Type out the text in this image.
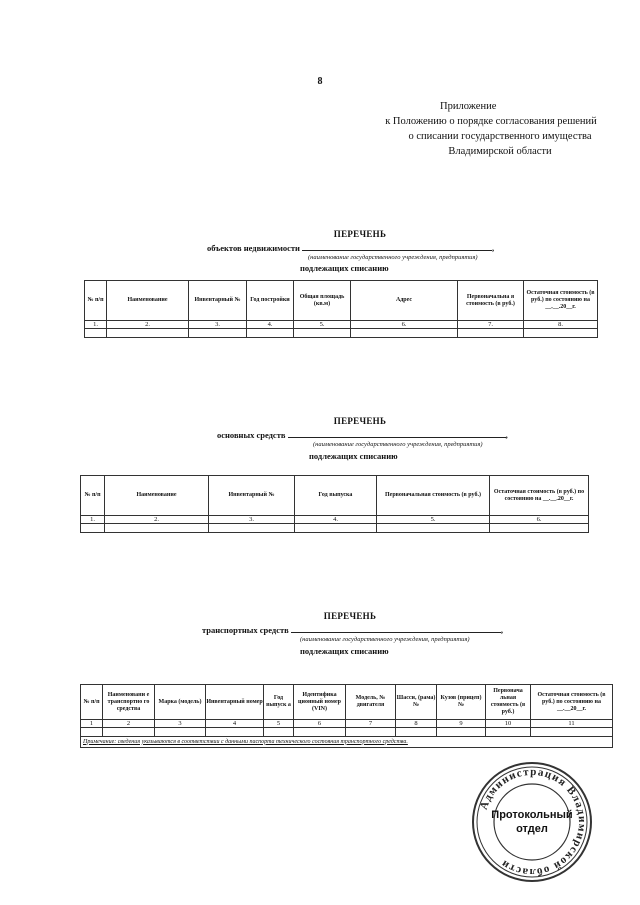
8
Приложение
к Положению о порядке согласования решений
о списании государственного имущества
Владимирской области
ПЕРЕЧЕНЬ
объектов недвижимости	,
(наименование государственного учреждения, предприятия)
подлежащих списанию
№ п/п	Наименование	Инвентарный №	Год постройки	Общая площадь (кв.м)	Адрес	Первоначальна я стоимость (в руб.)	Остаточная стоимость (в руб.) по состоянию на __.__.20__г.
1.	2.	3.	4.	5.	6.	7.	8.

ПЕРЕЧЕНЬ
основных средств	,
(наименование государственного учреждения, предприятия)
подлежащих списанию
№ п/п	Наименование	Инвентарный №	Год выпуска	Первоначальная стоимость (в руб.)	Остаточная стоимость (в руб.) по состоянию на __.__.20__г.
1.	2.	3.	4.	5.	6.

ПЕРЕЧЕНЬ
транспортных средств	,
(наименование государственного учреждения, предприятия)
подлежащих списанию
№ п/п	Наименовани е транспортно го средства	Марка (модель)	Инвентарный номер	Год выпуск а	Идентифика ционный номер (VIN)	Модель, № двигателя	Шасси, (рама)№	Кузов (прицеп) №	Первонача льная стоимость (в руб.)	Остаточная стоимость (в руб.) по состоянию на __.__20__г.
1	2	3	4	5	6	7	8	9	10	11

Примечание: сведения указываются в соответствии с данными паспорта технического состояния транспортного средства.										
Администрация Владимирской области
Протокольный
отдел
